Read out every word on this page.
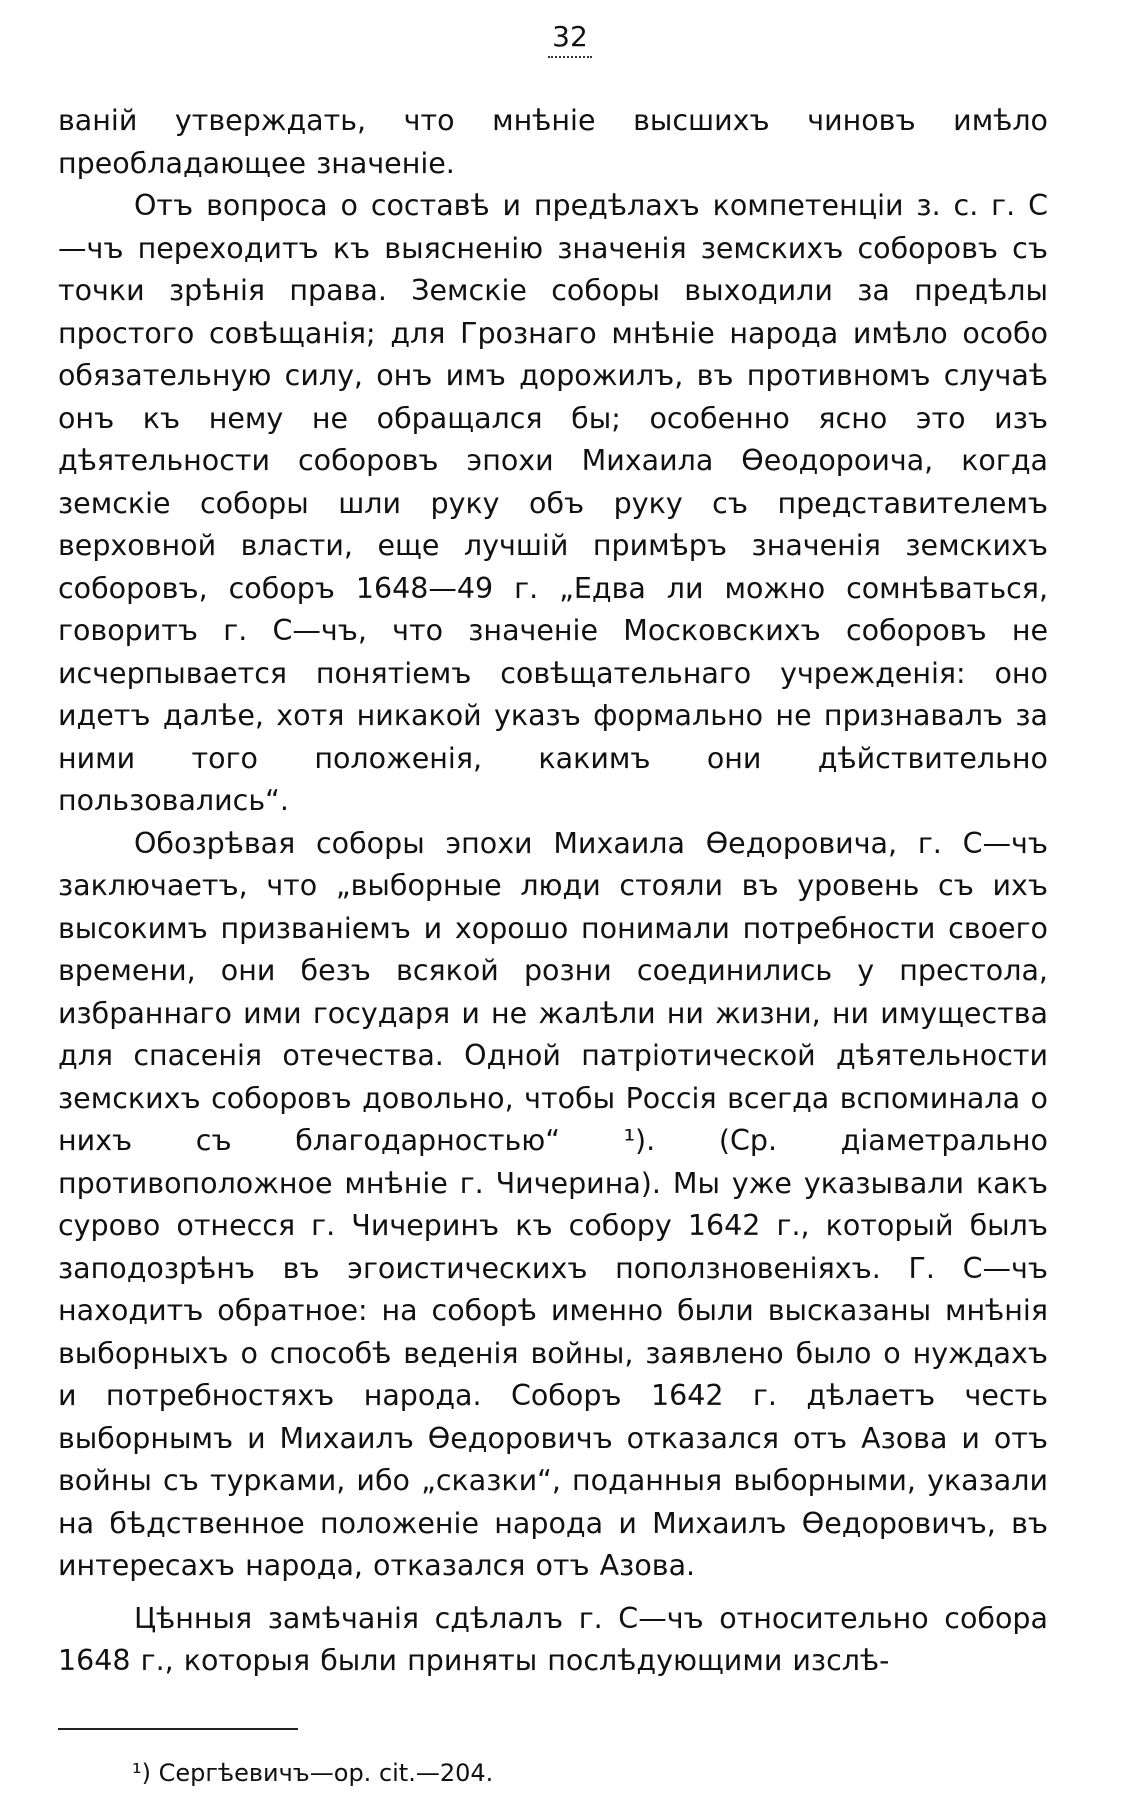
32

ваній утверждать, что мнѣніе высшихъ чиновъ имѣло преобладающее значеніе.

Отъ вопроса о составѣ и предѣлахъ компетенціи з. с. г. С—чъ переходитъ къ выясненію значенія земскихъ соборовъ съ точки зрѣнія права. Земскіе соборы выходили за предѣлы простого совѣщанія; для Грознаго мнѣніе народа имѣло особо обязательную силу, онъ имъ дорожилъ, въ противномъ случаѣ онъ къ нему не обращался бы; особенно ясно это изъ дѣятельности соборовъ эпохи Михаила Өеодороича, когда земскіе соборы шли руку объ руку съ представителемъ верховной власти, еще лучшій примѣръ значенія земскихъ соборовъ, соборъ 1648—49 г. „Едва ли можно сомнѣваться, говоритъ г. С—чъ, что значеніе Московскихъ соборовъ не исчерпывается понятіемъ совѣщательнаго учрежденія: оно идетъ далѣе, хотя никакой указъ формально не признавалъ за ними того положенія, какимъ они дѣйствительно пользовались“.

Обозрѣвая соборы эпохи Михаила Өедоровича, г. С—чъ заключаетъ, что „выборные люди стояли въ уровень съ ихъ высокимъ призваніемъ и хорошо понимали потребности своего времени, они безъ всякой розни соединились у престола, избраннаго ими государя и не жалѣли ни жизни, ни имущества для спасенія отечества. Одной патріотической дѣятельности земскихъ соборовъ довольно, чтобы Россія всегда вспоминала о нихъ съ благодарностью“ ¹). (Ср. діаметрально противоположное мнѣніе г. Чичерина). Мы уже указывали какъ сурово отнесся г. Чичеринъ къ собору 1642 г., который былъ заподозрѣнъ въ эгоистическихъ поползновеніяхъ. Г. С—чъ находитъ обратное: на соборѣ именно были высказаны мнѣнія выборныхъ о способѣ веденія войны, заявлено было о нуждахъ и потребностяхъ народа. Соборъ 1642 г. дѣлаетъ честь выборнымъ и Михаилъ Өедоровичъ отказался отъ Азова и отъ войны съ турками, ибо „сказки“, поданныя выборными, указали на бѣдственное положеніе народа и Михаилъ Өедоровичъ, въ интересахъ народа, отказался отъ Азова.

Цѣнныя замѣчанія сдѣлалъ г. С—чъ относительно собора 1648 г., которыя были приняты послѣдующими изслѣ-

¹) Сергѣевичъ—op. cit.—204.
